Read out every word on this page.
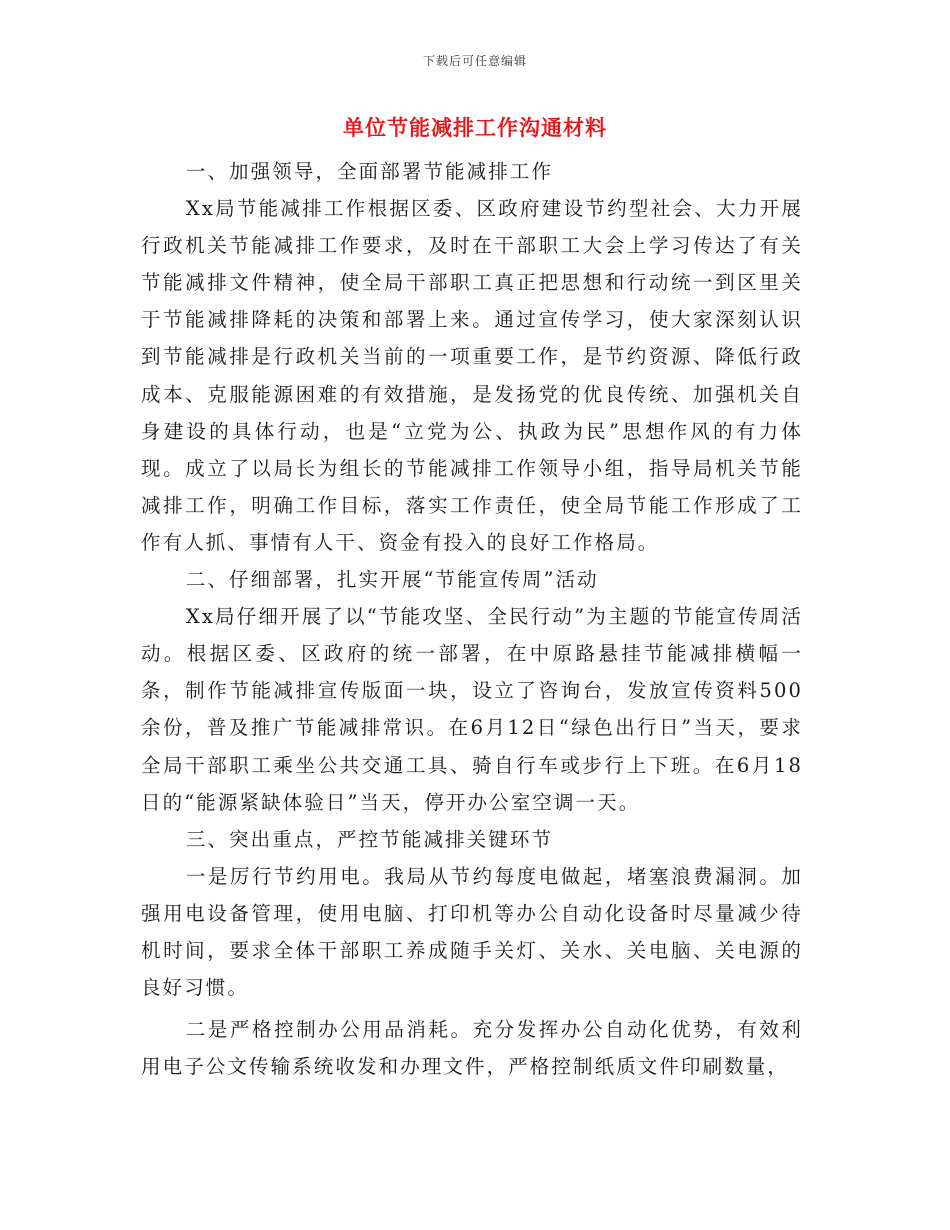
下载后可任意编辑
单位节能减排工作沟通材料

一、加强领导，全面部署节能减排工作

Xx局节能减排工作根据区委、区政府建设节约型社会、大力开展行政机关节能减排工作要求，及时在干部职工大会上学习传达了有关节能减排文件精神，使全局干部职工真正把思想和行动统一到区里关于节能减排降耗的决策和部署上来。通过宣传学习，使大家深刻认识到节能减排是行政机关当前的一项重要工作，是节约资源、降低行政成本、克服能源困难的有效措施，是发扬党的优良传统、加强机关自身建设的具体行动，也是“立党为公、执政为民”思想作风的有力体现。成立了以局长为组长的节能减排工作领导小组，指导局机关节能减排工作，明确工作目标，落实工作责任，使全局节能工作形成了工作有人抓、事情有人干、资金有投入的良好工作格局。

二、仔细部署，扎实开展“节能宣传周”活动

Xx局仔细开展了以“节能攻坚、全民行动”为主题的节能宣传周活动。根据区委、区政府的统一部署，在中原路悬挂节能减排横幅一条，制作节能减排宣传版面一块，设立了咨询台，发放宣传资料500余份，普及推广节能减排常识。在6月12日“绿色出行日”当天，要求全局干部职工乘坐公共交通工具、骑自行车或步行上下班。在6月18日的“能源紧缺体验日”当天，停开办公室空调一天。

三、突出重点，严控节能减排关键环节

一是厉行节约用电。我局从节约每度电做起，堵塞浪费漏洞。加强用电设备管理，使用电脑、打印机等办公自动化设备时尽量减少待机时间，要求全体干部职工养成随手关灯、关水、关电脑、关电源的良好习惯。

二是严格控制办公用品消耗。充分发挥办公自动化优势，有效利用电子公文传输系统收发和办理文件，严格控制纸质文件印刷数量，
